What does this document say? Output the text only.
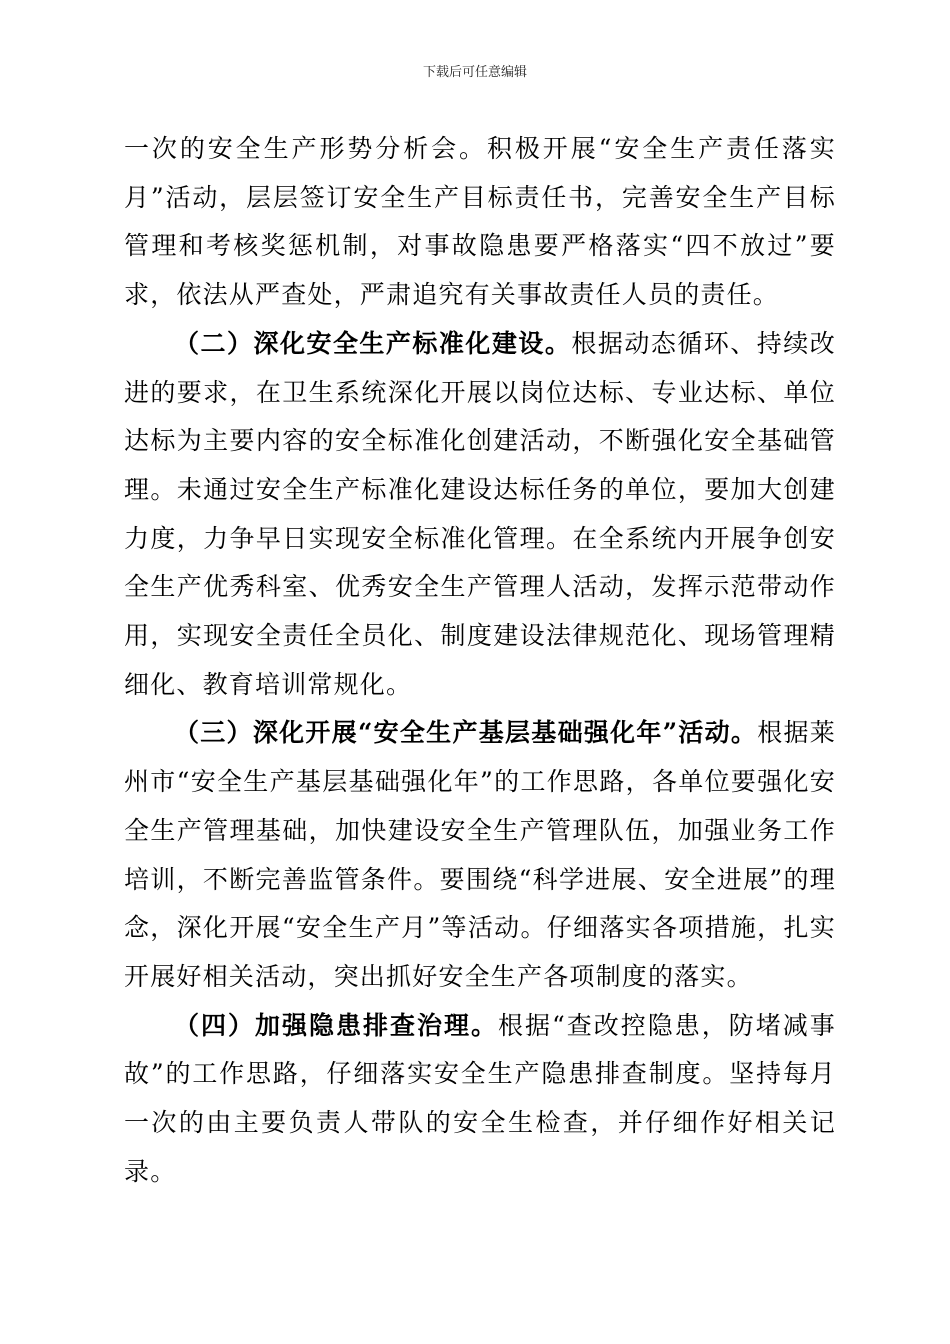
下载后可任意编辑

一次的安全生产形势分析会。积极开展“安全生产责任落实月”活动，层层签订安全生产目标责任书，完善安全生产目标管理和考核奖惩机制，对事故隐患要严格落实“四不放过”要求，依法从严查处，严肃追究有关事故责任人员的责任。

（二）深化安全生产标准化建设。根据动态循环、持续改进的要求，在卫生系统深化开展以岗位达标、专业达标、单位达标为主要内容的安全标准化创建活动，不断强化安全基础管理。未通过安全生产标准化建设达标任务的单位，要加大创建力度，力争早日实现安全标准化管理。在全系统内开展争创安全生产优秀科室、优秀安全生产管理人活动，发挥示范带动作用，实现安全责任全员化、制度建设法律规范化、现场管理精细化、教育培训常规化。

（三）深化开展“安全生产基层基础强化年”活动。根据莱州市“安全生产基层基础强化年”的工作思路，各单位要强化安全生产管理基础，加快建设安全生产管理队伍，加强业务工作培训，不断完善监管条件。要围绕“科学进展、安全进展”的理念，深化开展“安全生产月”等活动。仔细落实各项措施，扎实开展好相关活动，突出抓好安全生产各项制度的落实。

（四）加强隐患排查治理。根据“查改控隐患，防堵减事故”的工作思路，仔细落实安全生产隐患排查制度。坚持每月一次的由主要负责人带队的安全生检查，并仔细作好相关记录。
